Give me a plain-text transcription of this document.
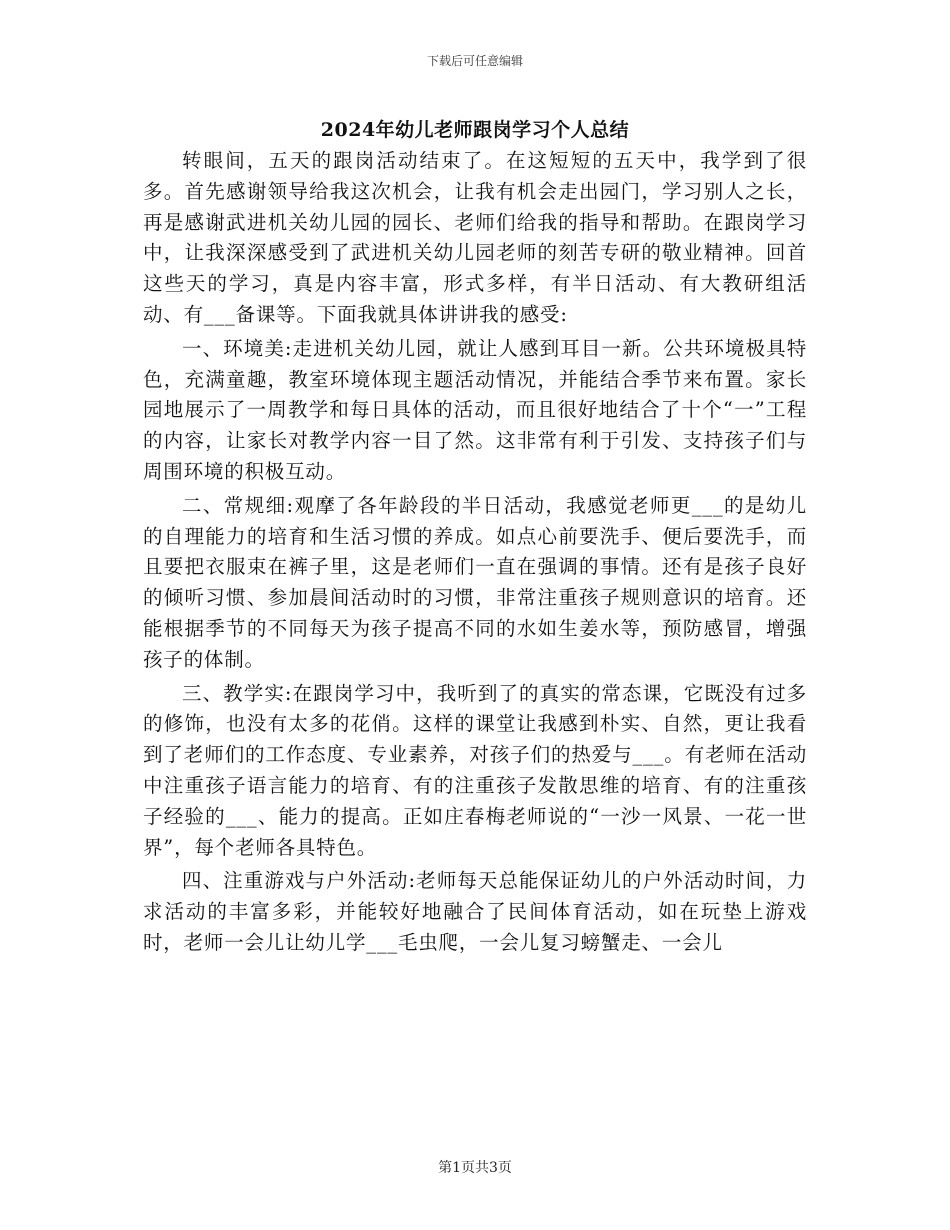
下载后可任意编辑
2024年幼儿老师跟岗学习个人总结

转眼间，五天的跟岗活动结束了。在这短短的五天中，我学到了很多。首先感谢领导给我这次机会，让我有机会走出园门，学习别人之长，再是感谢武进机关幼儿园的园长、老师们给我的指导和帮助。在跟岗学习中，让我深深感受到了武进机关幼儿园老师的刻苦专研的敬业精神。回首这些天的学习，真是内容丰富，形式多样，有半日活动、有大教研组活动、有___备课等。下面我就具体讲讲我的感受:

一、环境美:走进机关幼儿园，就让人感到耳目一新。公共环境极具特色，充满童趣，教室环境体现主题活动情况，并能结合季节来布置。家长园地展示了一周教学和每日具体的活动，而且很好地结合了十个“一”工程的内容，让家长对教学内容一目了然。这非常有利于引发、支持孩子们与周围环境的积极互动。

二、常规细:观摩了各年龄段的半日活动，我感觉老师更___的是幼儿的自理能力的培育和生活习惯的养成。如点心前要洗手、便后要洗手，而且要把衣服束在裤子里，这是老师们一直在强调的事情。还有是孩子良好的倾听习惯、参加晨间活动时的习惯，非常注重孩子规则意识的培育。还能根据季节的不同每天为孩子提高不同的水如生姜水等，预防感冒，增强孩子的体制。

三、教学实:在跟岗学习中，我听到了的真实的常态课，它既没有过多的修饰，也没有太多的花俏。这样的课堂让我感到朴实、自然，更让我看到了老师们的工作态度、专业素养，对孩子们的热爱与___。有老师在活动中注重孩子语言能力的培育、有的注重孩子发散思维的培育、有的注重孩子经验的___、能力的提高。正如庄春梅老师说的“一沙一风景、一花一世界”，每个老师各具特色。

四、注重游戏与户外活动:老师每天总能保证幼儿的户外活动时间，力求活动的丰富多彩，并能较好地融合了民间体育活动，如在玩垫上游戏时，老师一会儿让幼儿学___毛虫爬，一会儿复习螃蟹走、一会儿

第1页共3页
